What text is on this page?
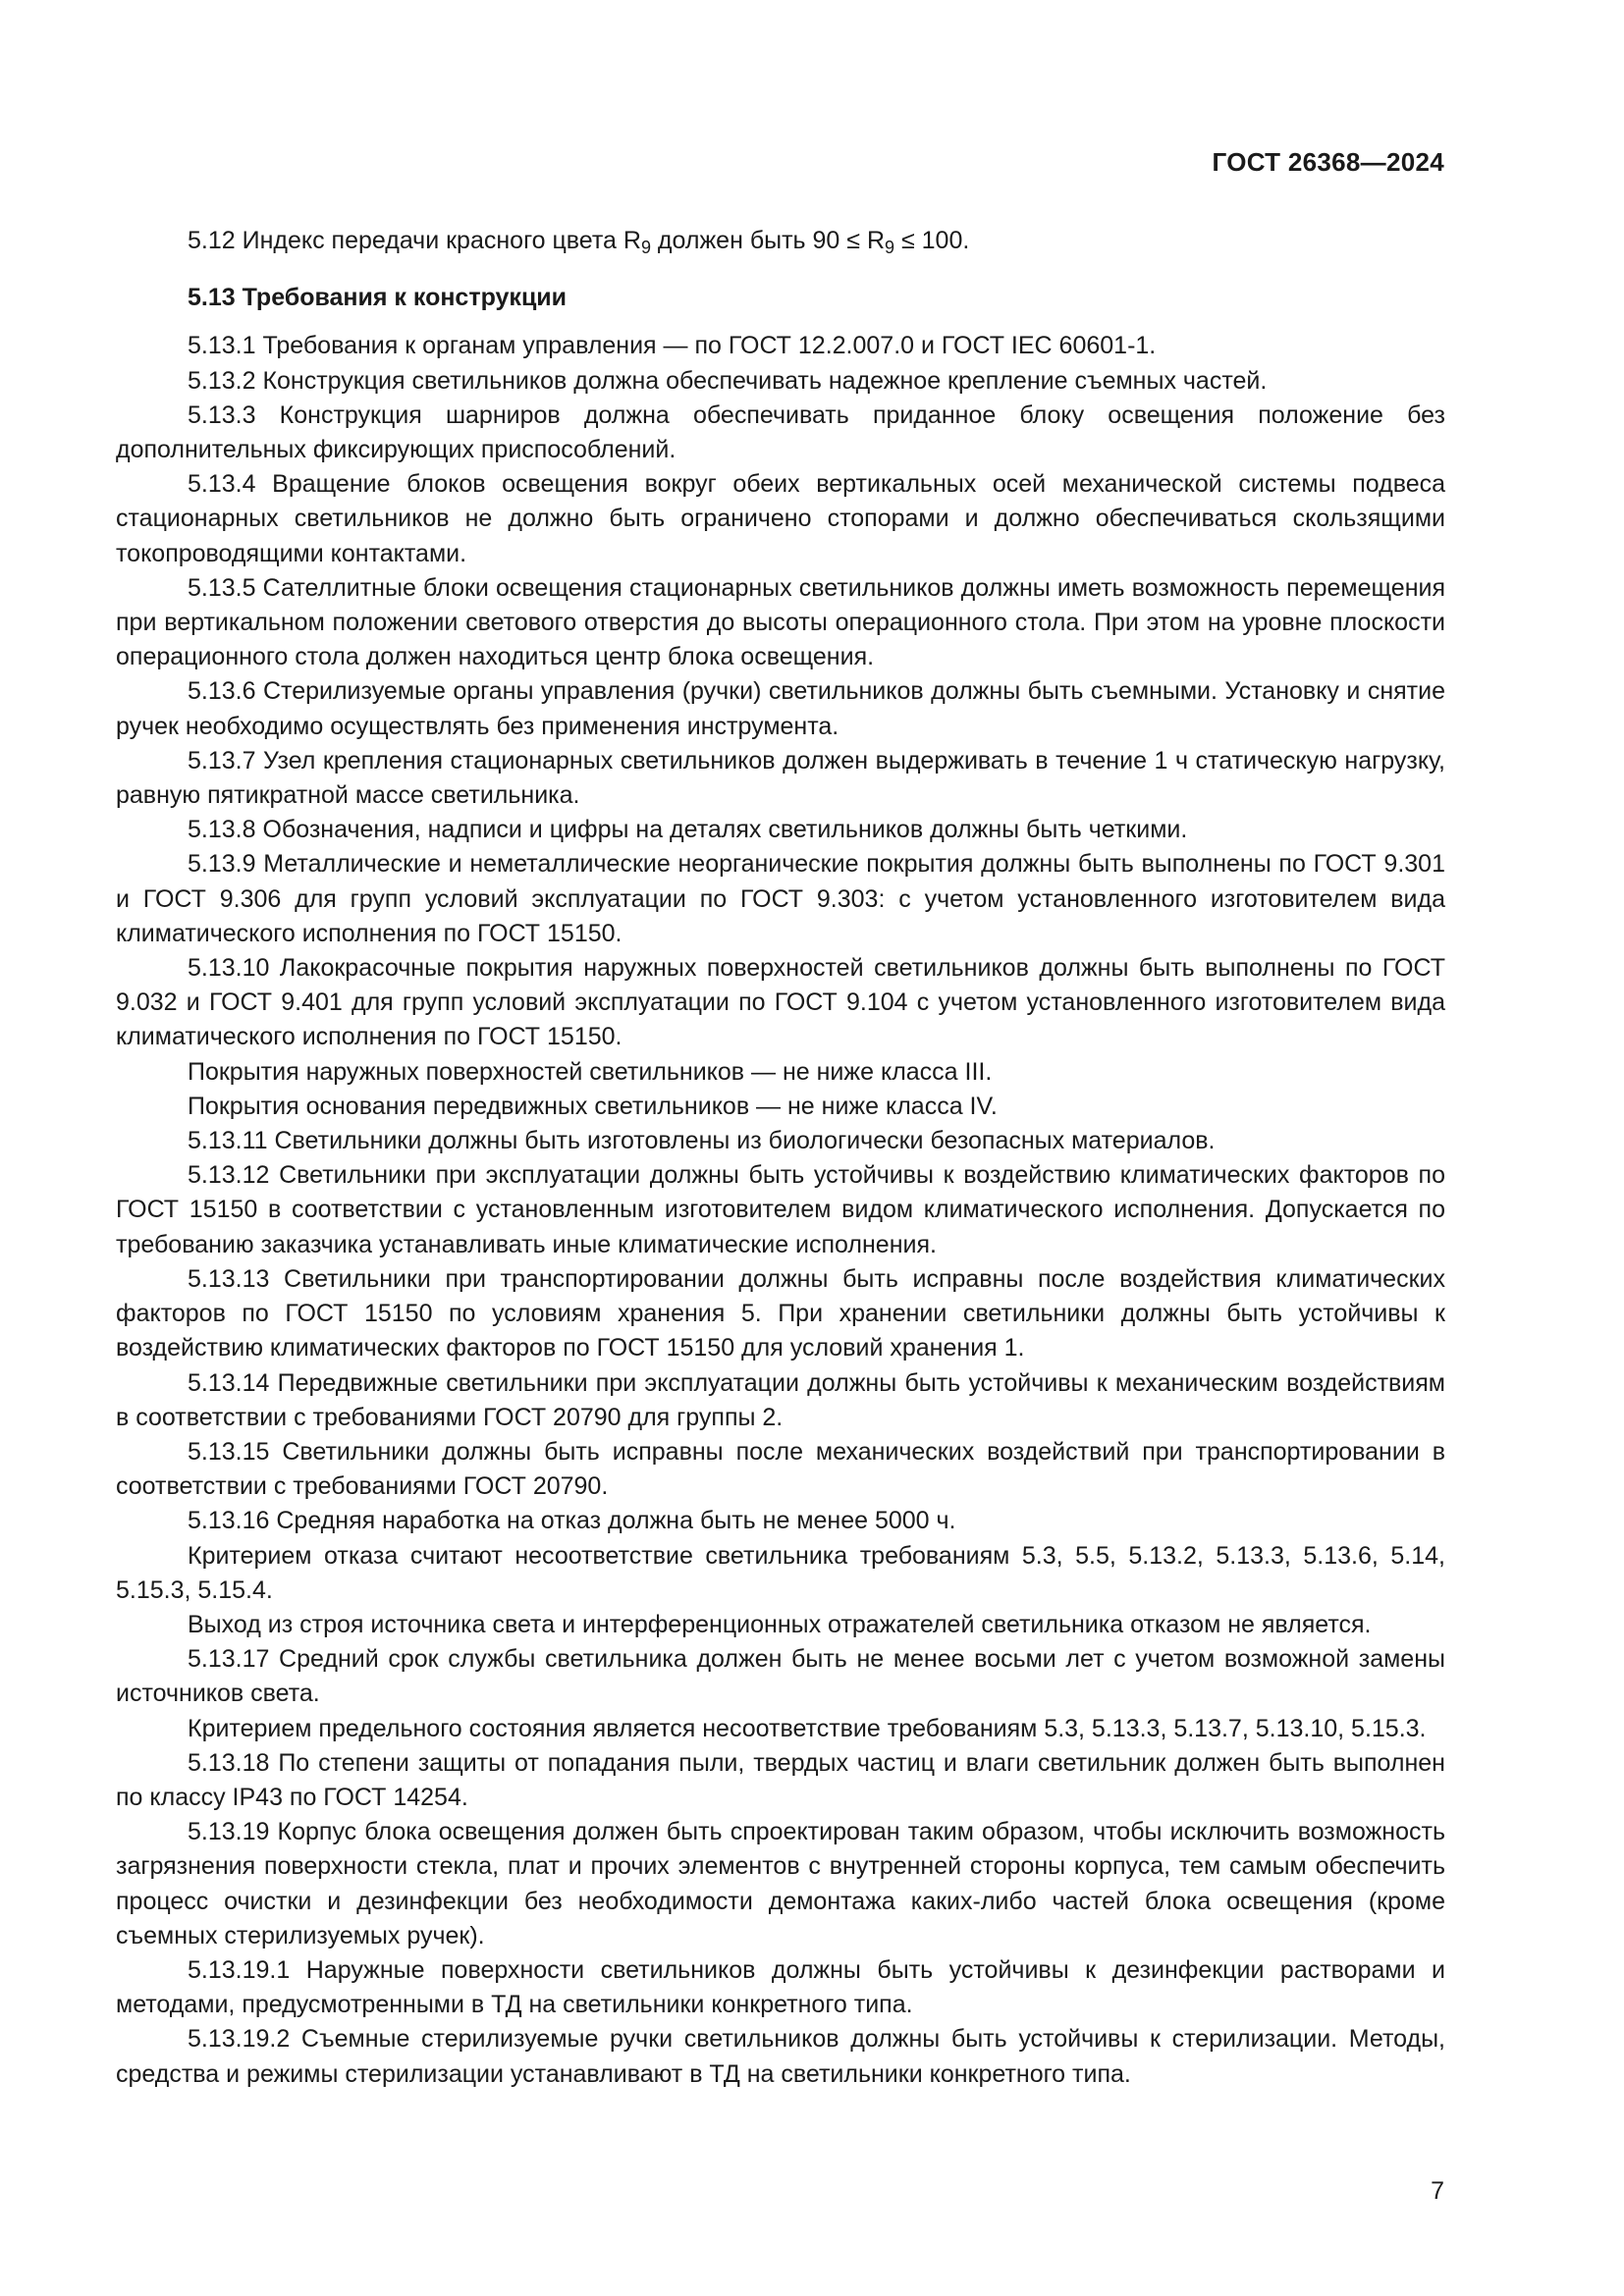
ГОСТ 26368—2024

5.12 Индекс передачи красного цвета $R_9$ должен быть $90 \le R_9 \le 100$.

5.13 Требования к конструкции

5.13.1 Требования к органам управления — по ГОСТ 12.2.007.0 и ГОСТ IEC 60601-1.

5.13.2 Конструкция светильников должна обеспечивать надежное крепление съемных частей.

5.13.3 Конструкция шарниров должна обеспечивать приданное блоку освещения положение без дополнительных фиксирующих приспособлений.

5.13.4 Вращение блоков освещения вокруг обеих вертикальных осей механической системы подвеса стационарных светильников не должно быть ограничено стопорами и должно обеспечиваться скользящими токопроводящими контактами.

5.13.5 Сателлитные блоки освещения стационарных светильников должны иметь возможность перемещения при вертикальном положении светового отверстия до высоты операционного стола. При этом на уровне плоскости операционного стола должен находиться центр блока освещения.

5.13.6 Стерилизуемые органы управления (ручки) светильников должны быть съемными. Установку и снятие ручек необходимо осуществлять без применения инструмента.

5.13.7 Узел крепления стационарных светильников должен выдерживать в течение 1 ч статическую нагрузку, равную пятикратной массе светильника.

5.13.8 Обозначения, надписи и цифры на деталях светильников должны быть четкими.

5.13.9 Металлические и неметаллические неорганические покрытия должны быть выполнены по ГОСТ 9.301 и ГОСТ 9.306 для групп условий эксплуатации по ГОСТ 9.303: с учетом установленного изготовителем вида климатического исполнения по ГОСТ 15150.

5.13.10 Лакокрасочные покрытия наружных поверхностей светильников должны быть выполнены по ГОСТ 9.032 и ГОСТ 9.401 для групп условий эксплуатации по ГОСТ 9.104 с учетом установленного изготовителем вида климатического исполнения по ГОСТ 15150.

Покрытия наружных поверхностей светильников — не ниже класса III.

Покрытия основания передвижных светильников — не ниже класса IV.

5.13.11 Светильники должны быть изготовлены из биологически безопасных материалов.

5.13.12 Светильники при эксплуатации должны быть устойчивы к воздействию климатических факторов по ГОСТ 15150 в соответствии с установленным изготовителем видом климатического исполнения. Допускается по требованию заказчика устанавливать иные климатические исполнения.

5.13.13 Светильники при транспортировании должны быть исправны после воздействия климатических факторов по ГОСТ 15150 по условиям хранения 5. При хранении светильники должны быть устойчивы к воздействию климатических факторов по ГОСТ 15150 для условий хранения 1.

5.13.14 Передвижные светильники при эксплуатации должны быть устойчивы к механическим воздействиям в соответствии с требованиями ГОСТ 20790 для группы 2.

5.13.15 Светильники должны быть исправны после механических воздействий при транспортировании в соответствии с требованиями ГОСТ 20790.

5.13.16 Средняя наработка на отказ должна быть не менее 5000 ч.

Критерием отказа считают несоответствие светильника требованиям 5.3, 5.5, 5.13.2, 5.13.3, 5.13.6, 5.14, 5.15.3, 5.15.4.

Выход из строя источника света и интерференционных отражателей светильника отказом не является.

5.13.17 Средний срок службы светильника должен быть не менее восьми лет с учетом возможной замены источников света.

Критерием предельного состояния является несоответствие требованиям 5.3, 5.13.3, 5.13.7, 5.13.10, 5.15.3.

5.13.18 По степени защиты от попадания пыли, твердых частиц и влаги светильник должен быть выполнен по классу IP43 по ГОСТ 14254.

5.13.19 Корпус блока освещения должен быть спроектирован таким образом, чтобы исключить возможность загрязнения поверхности стекла, плат и прочих элементов с внутренней стороны корпуса, тем самым обеспечить процесс очистки и дезинфекции без необходимости демонтажа каких-либо частей блока освещения (кроме съемных стерилизуемых ручек).

5.13.19.1 Наружные поверхности светильников должны быть устойчивы к дезинфекции растворами и методами, предусмотренными в ТД на светильники конкретного типа.

5.13.19.2 Съемные стерилизуемые ручки светильников должны быть устойчивы к стерилизации. Методы, средства и режимы стерилизации устанавливают в ТД на светильники конкретного типа.

7
